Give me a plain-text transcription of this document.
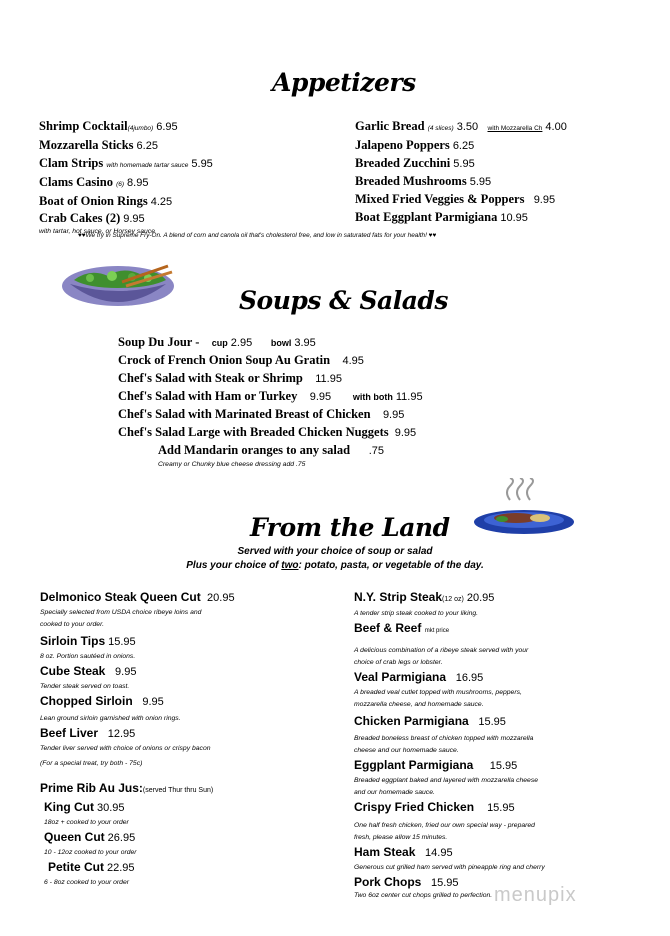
Appetizers
Shrimp Cocktail(4jumbo) 6.95
Mozzarella Sticks 6.25
Clam Strips with homemade tartar sauce 5.95
Clams Casino (6) 8.95
Boat of Onion Rings 4.25
Crab Cakes (2) 9.95
with tartar, hot sauce, or Horsey sauce
Garlic Bread (4 slices) 3.50 with Mozzarella Ch 4.00
Jalapeno Poppers 6.25
Breaded Zucchini 5.95
Breaded Mushrooms 5.95
Mixed Fried Veggies & Poppers 9.95
Boat Eggplant Parmigiana 10.95
♥♥We fry in Supreme Fry-On. A blend of corn and canola oil that's cholesterol free, and low in saturated fats for your health! ♥♥
Soups & Salads
Soup Du Jour - cup 2.95 bowl 3.95
Crock of French Onion Soup Au Gratin 4.95
Chef's Salad with Steak or Shrimp 11.95
Chef's Salad with Ham or Turkey 9.95 with both 11.95
Chef's Salad with Marinated Breast of Chicken 9.95
Chef's Salad Large with Breaded Chicken Nuggets 9.95
Add Mandarin oranges to any salad .75
Creamy or Chunky blue cheese dressing add .75
From the Land
Served with your choice of soup or salad
Plus your choice of two: potato, pasta, or vegetable of the day.
Delmonico Steak Queen Cut 20.95
Specially selected from USDA choice ribeye loins and
cooked to your order.
Sirloin Tips 15.95
8 oz. Portion sautéed in onions.
Cube Steak 9.95
Tender steak served on toast.
Chopped Sirloin 9.95
Lean ground sirloin garnished with onion rings.
Beef Liver 12.95
Tender liver served with choice of onions or crispy bacon
(For a special treat, try both - 75c)
Prime Rib Au Jus:(served Thur thru Sun)
King Cut 30.95
18oz + cooked to your order
Queen Cut 26.95
10 - 12oz cooked to your order
Petite Cut 22.95
6 - 8oz cooked to your order
N.Y. Strip Steak(12 oz) 20.95
A tender strip steak cooked to your liking.
Beef & Reef mkt price
A delicious combination of a ribeye steak served with your
choice of crab legs or lobster.
Veal Parmigiana 16.95
A breaded veal cutlet topped with mushrooms, peppers,
mozzarella cheese, and homemade sauce.
Chicken Parmigiana 15.95
Breaded boneless breast of chicken topped with mozzarella
cheese and our homemade sauce.
Eggplant Parmigiana 15.95
Breaded eggplant baked and layered with mozzarella cheese
and our homemade sauce.
Crispy Fried Chicken 15.95
One half fresh chicken, fried our own special way - prepared
fresh, please allow 15 minutes.
Ham Steak 14.95
Generous cut grilled ham served with pineapple ring and cherry
Pork Chops 15.95
Two 6oz center cut chops grilled to perfection. menupix
